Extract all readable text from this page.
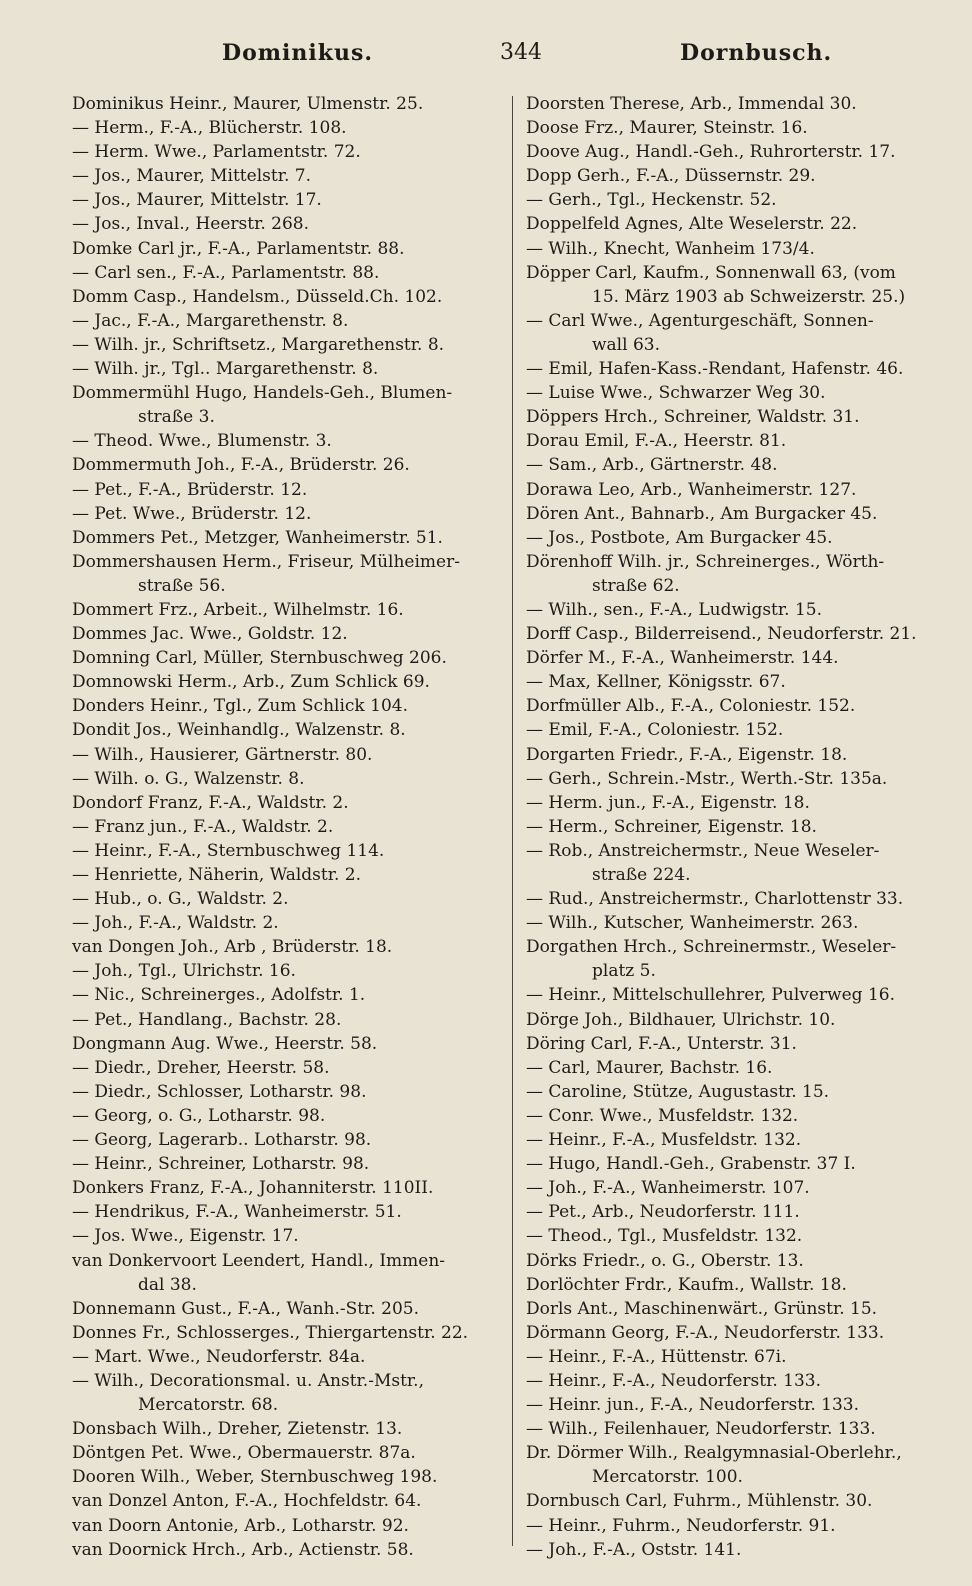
Dominikus.	344	Dornbusch.
Dominikus Heinr., Maurer, Ulmenstr. 25.
— Herm., F.-A., Blücherstr. 108.
— Herm. Wwe., Parlamentstr. 72.
— Jos., Maurer, Mittelstr. 7.
— Jos., Maurer, Mittelstr. 17.
— Jos., Inval., Heerstr. 268.
Domke Carl jr., F.-A., Parlamentstr. 88.
— Carl sen., F.-A., Parlamentstr. 88.
Domm Casp., Handelsm., Düsseld.Ch. 102.
— Jac., F.-A., Margarethenstr. 8.
— Wilh. jr., Schriftsetz., Margarethenstr. 8.
— Wilh. jr., Tgl.. Margarethenstr. 8.
Dommermühl Hugo, Handels-Geh., Blumen-
straße 3.
— Theod. Wwe., Blumenstr. 3.
Dommermuth Joh., F.-A., Brüderstr. 26.
— Pet., F.-A., Brüderstr. 12.
— Pet. Wwe., Brüderstr. 12.
Dommers Pet., Metzger, Wanheimerstr. 51.
Dommershausen Herm., Friseur, Mülheimer-
straße 56.
Dommert Frz., Arbeit., Wilhelmstr. 16.
Dommes Jac. Wwe., Goldstr. 12.
Domning Carl, Müller, Sternbuschweg 206.
Domnowski Herm., Arb., Zum Schlick 69.
Donders Heinr., Tgl., Zum Schlick 104.
Dondit Jos., Weinhandlg., Walzenstr. 8.
— Wilh., Hausierer, Gärtnerstr. 80.
— Wilh. o. G., Walzenstr. 8.
Dondorf Franz, F.-A., Waldstr. 2.
— Franz jun., F.-A., Waldstr. 2.
— Heinr., F.-A., Sternbuschweg 114.
— Henriette, Näherin, Waldstr. 2.
— Hub., o. G., Waldstr. 2.
— Joh., F.-A., Waldstr. 2.
van Dongen Joh., Arb , Brüderstr. 18.
— Joh., Tgl., Ulrichstr. 16.
— Nic., Schreinerges., Adolfstr. 1.
— Pet., Handlang., Bachstr. 28.
Dongmann Aug. Wwe., Heerstr. 58.
— Diedr., Dreher, Heerstr. 58.
— Diedr., Schlosser, Lotharstr. 98.
— Georg, o. G., Lotharstr. 98.
— Georg, Lagerarb.. Lotharstr. 98.
— Heinr., Schreiner, Lotharstr. 98.
Donkers Franz, F.-A., Johanniterstr. 110II.
— Hendrikus, F.-A., Wanheimerstr. 51.
— Jos. Wwe., Eigenstr. 17.
van Donkervoort Leendert, Handl., Immen-
dal 38.
Donnemann Gust., F.-A., Wanh.-Str. 205.
Donnes Fr., Schlosserges., Thiergartenstr. 22.
— Mart. Wwe., Neudorferstr. 84a.
— Wilh., Decorationsmal. u. Anstr.-Mstr.,
Mercatorstr. 68.
Donsbach Wilh., Dreher, Zietenstr. 13.
Döntgen Pet. Wwe., Obermauerstr. 87a.
Dooren Wilh., Weber, Sternbuschweg 198.
van Donzel Anton, F.-A., Hochfeldstr. 64.
van Doorn Antonie, Arb., Lotharstr. 92.
van Doornick Hrch., Arb., Actienstr. 58.
Doorsten Therese, Arb., Immendal 30.
Doose Frz., Maurer, Steinstr. 16.
Doove Aug., Handl.-Geh., Ruhrorterstr. 17.
Dopp Gerh., F.-A., Düssernstr. 29.
— Gerh., Tgl., Heckenstr. 52.
Doppelfeld Agnes, Alte Weselerstr. 22.
— Wilh., Knecht, Wanheim 173/4.
Döpper Carl, Kaufm., Sonnenwall 63, (vom
15. März 1903 ab Schweizerstr. 25.)
— Carl Wwe., Agenturgeschäft, Sonnen-
wall 63.
— Emil, Hafen-Kass.-Rendant, Hafenstr. 46.
— Luise Wwe., Schwarzer Weg 30.
Döppers Hrch., Schreiner, Waldstr. 31.
Dorau Emil, F.-A., Heerstr. 81.
— Sam., Arb., Gärtnerstr. 48.
Dorawa Leo, Arb., Wanheimerstr. 127.
Dören Ant., Bahnarb., Am Burgacker 45.
— Jos., Postbote, Am Burgacker 45.
Dörenhoff Wilh. jr., Schreinerges., Wörth-
straße 62.
— Wilh., sen., F.-A., Ludwigstr. 15.
Dorff Casp., Bilderreisend., Neudorferstr. 21.
Dörfer M., F.-A., Wanheimerstr. 144.
— Max, Kellner, Königsstr. 67.
Dorfmüller Alb., F.-A., Coloniestr. 152.
— Emil, F.-A., Coloniestr. 152.
Dorgarten Friedr., F.-A., Eigenstr. 18.
— Gerh., Schrein.-Mstr., Werth.-Str. 135a.
— Herm. jun., F.-A., Eigenstr. 18.
— Herm., Schreiner, Eigenstr. 18.
— Rob., Anstreichermstr., Neue Weseler-
straße 224.
— Rud., Anstreichermstr., Charlottenstr 33.
— Wilh., Kutscher, Wanheimerstr. 263.
Dorgathen Hrch., Schreinermstr., Weseler-
platz 5.
— Heinr., Mittelschullehrer, Pulverweg 16.
Dörge Joh., Bildhauer, Ulrichstr. 10.
Döring Carl, F.-A., Unterstr. 31.
— Carl, Maurer, Bachstr. 16.
— Caroline, Stütze, Augustastr. 15.
— Conr. Wwe., Musfeldstr. 132.
— Heinr., F.-A., Musfeldstr. 132.
— Hugo, Handl.-Geh., Grabenstr. 37 I.
— Joh., F.-A., Wanheimerstr. 107.
— Pet., Arb., Neudorferstr. 111.
— Theod., Tgl., Musfeldstr. 132.
Dörks Friedr., o. G., Oberstr. 13.
Dorlöchter Frdr., Kaufm., Wallstr. 18.
Dorls Ant., Maschinenwärt., Grünstr. 15.
Dörmann Georg, F.-A., Neudorferstr. 133.
— Heinr., F.-A., Hüttenstr. 67i.
— Heinr., F.-A., Neudorferstr. 133.
— Heinr. jun., F.-A., Neudorferstr. 133.
— Wilh., Feilenhauer, Neudorferstr. 133.
Dr. Dörmer Wilh., Realgymnasial-Oberlehr.,
Mercatorstr. 100.
Dornbusch Carl, Fuhrm., Mühlenstr. 30.
— Heinr., Fuhrm., Neudorferstr. 91.
— Joh., F.-A., Oststr. 141.
